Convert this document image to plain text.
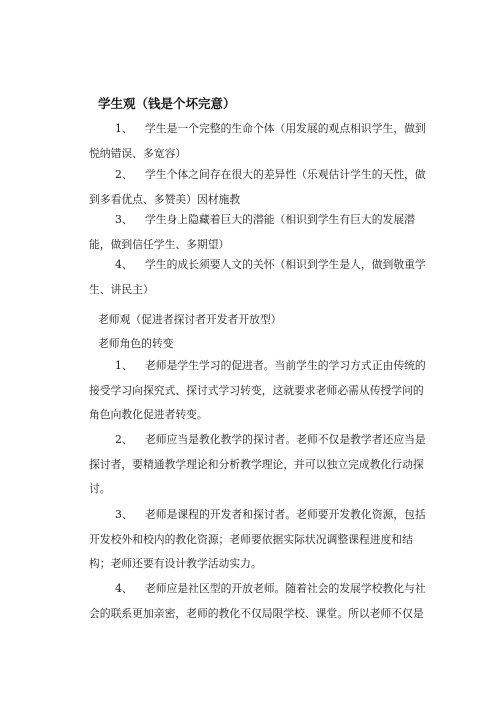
学生观（钱是个坏完意）
1、 学生是一个完整的生命个体（用发展的观点相识学生，做到悦纳错误、多宽容）
2、 学生个体之间存在很大的差异性（乐观估计学生的天性，做到多看优点、多赞美）因材施教
3、 学生身上隐藏着巨大的潜能（相识到学生有巨大的发展潜能，做到信任学生、多期望）
4、 学生的成长须要人文的关怀（相识到学生是人，做到敬重学生、讲民主）
老师观（促进者探讨者开发者开放型）
老师角色的转变
1、 老师是学生学习的促进者。当前学生的学习方式正由传统的接受学习向探究式、探讨式学习转变，这就要求老师必需从传授学问的角色向教化促进者转变。
2、 老师应当是教化教学的探讨者。老师不仅是教学者还应当是探讨者，要精通教学理论和分析教学理论，并可以独立完成教化行动探讨。
3、 老师是课程的开发者和探讨者。老师要开发教化资源，包括开发校外和校内的教化资源；老师要依据实际状况调整课程进度和结构；老师还要有设计教学活动实力。
4、 老师应是社区型的开放老师。随着社会的发展学校教化与社会的联系更加亲密，老师的教化不仅局限学校、课堂。所以老师不仅是
